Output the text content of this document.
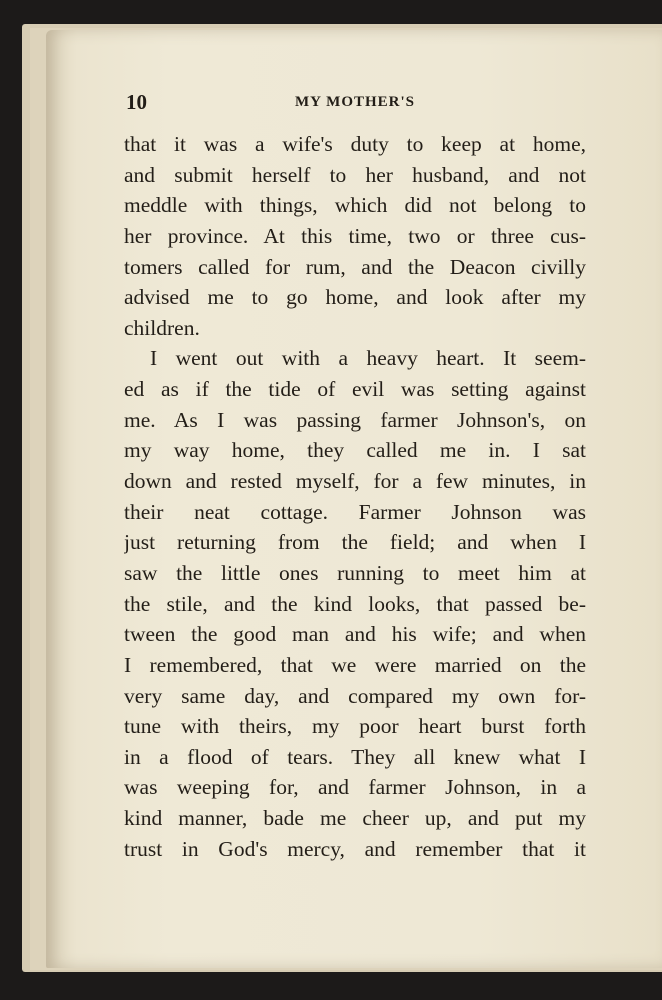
10	MY MOTHER'S
that it was a wife's duty to keep at home,
and submit herself to her husband, and not
meddle with things, which did not belong to
her province. At this time, two or three cus-
tomers called for rum, and the Deacon civilly
advised me to go home, and look after my
children.
I went out with a heavy heart. It seem-
ed as if the tide of evil was setting against
me. As I was passing farmer Johnson's, on
my way home, they called me in. I sat
down and rested myself, for a few minutes, in
their neat cottage. Farmer Johnson was
just returning from the field; and when I
saw the little ones running to meet him at
the stile, and the kind looks, that passed be-
tween the good man and his wife; and when
I remembered, that we were married on the
very same day, and compared my own for-
tune with theirs, my poor heart burst forth
in a flood of tears. They all knew what I
was weeping for, and farmer Johnson, in a
kind manner, bade me cheer up, and put my
trust in God's mercy, and remember that it
